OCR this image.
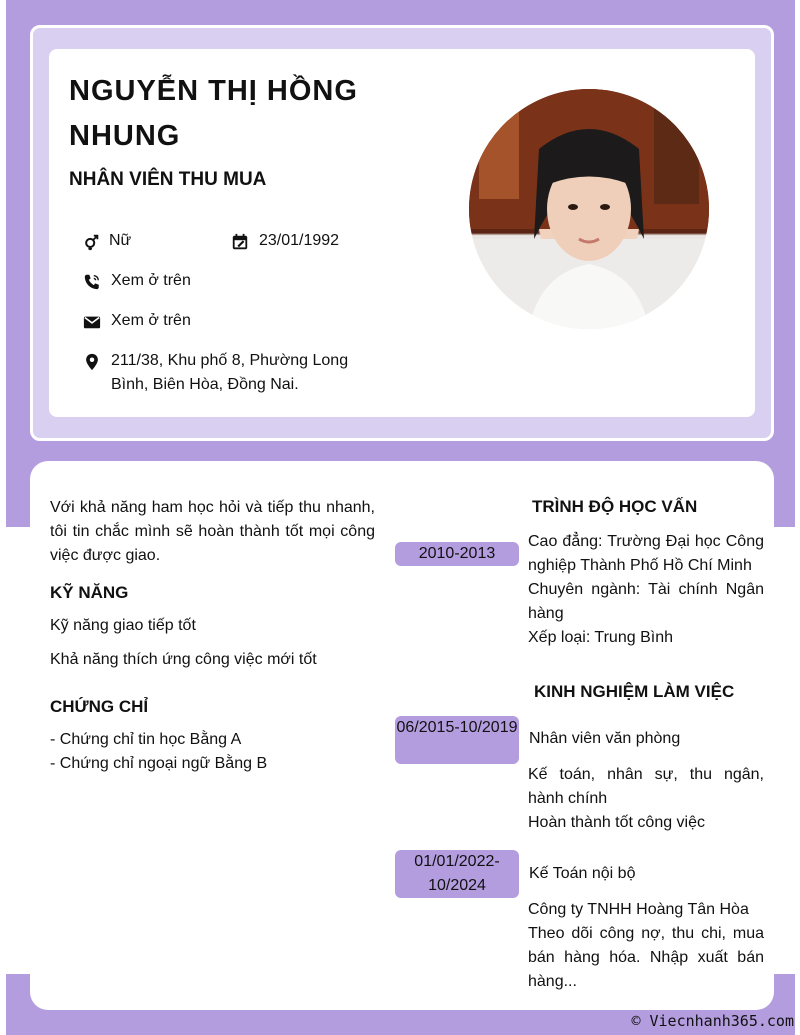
NGUYỄN THỊ HỒNG NHUNG
NHÂN VIÊN THU MUA
Nữ	23/01/1992
Xem ở trên
Xem ở trên
211/38, Khu phố 8, Phường Long Bình, Biên Hòa, Đồng Nai.
Với khả năng ham học hỏi và tiếp thu nhanh, tôi tin chắc mình sẽ hoàn thành tốt mọi công việc được giao.
KỸ NĂNG
Kỹ năng giao tiếp tốt
Khả năng thích ứng công việc mới tốt
CHỨNG CHỈ
- Chứng chỉ tin học Bằng A
- Chứng chỉ ngoại ngữ Bằng B
TRÌNH ĐỘ HỌC VẤN
2010-2013
Cao đẳng: Trường Đại học Công nghiệp Thành Phố Hồ Chí Minh
Chuyên ngành: Tài chính Ngân hàng
Xếp loại: Trung Bình
KINH NGHIỆM LÀM VIỆC
06/2015-10/2019
Nhân viên văn phòng
Kế toán, nhân sự, thu ngân, hành chính
Hoàn thành tốt công việc
01/01/2022-10/2024
Kế Toán nội bộ
Công ty TNHH Hoàng Tân Hòa
Theo dõi công nợ, thu chi, mua bán hàng hóa. Nhập xuất bán hàng...
© Viecnhanh365.com
